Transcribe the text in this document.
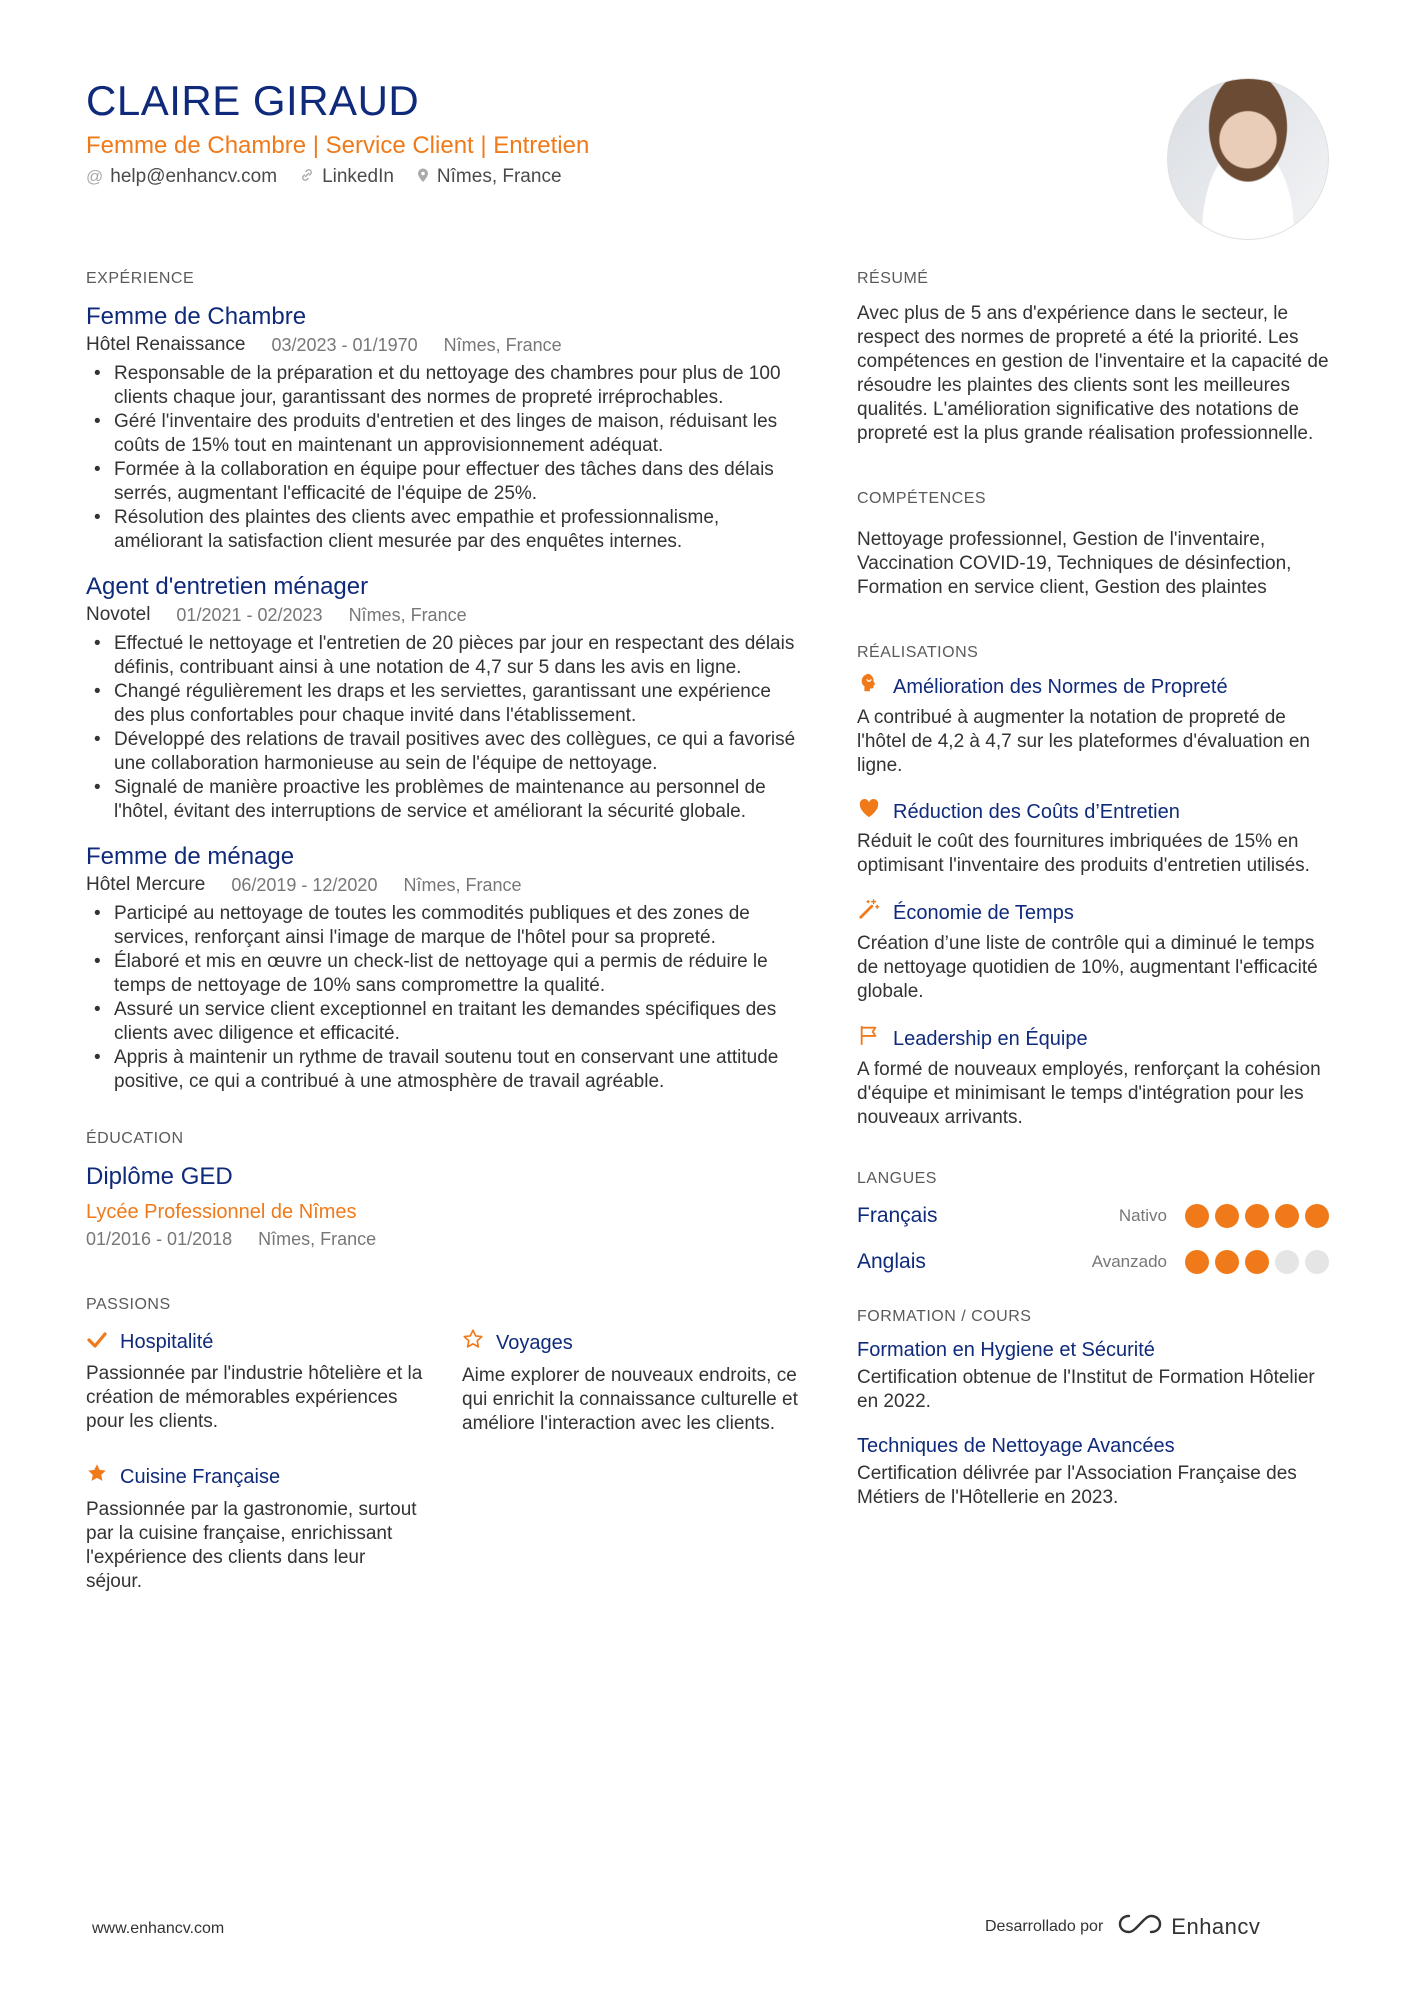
CLAIRE GIRAUD
Femme de Chambre | Service Client | Entretien
@ help@enhancv.com LinkedIn Nîmes, France
EXPÉRIENCE
Femme de Chambre
Hôtel Renaissance 03/2023 - 01/1970 Nîmes, France
• Responsable de la préparation et du nettoyage des chambres pour plus de 100 clients chaque jour, garantissant des normes de propreté irréprochables.
• Géré l'inventaire des produits d'entretien et des linges de maison, réduisant les coûts de 15% tout en maintenant un approvisionnement adéquat.
• Formée à la collaboration en équipe pour effectuer des tâches dans des délais serrés, augmentant l'efficacité de l'équipe de 25%.
• Résolution des plaintes des clients avec empathie et professionnalisme, améliorant la satisfaction client mesurée par des enquêtes internes.
Agent d'entretien ménager
Novotel 01/2021 - 02/2023 Nîmes, France
• Effectué le nettoyage et l'entretien de 20 pièces par jour en respectant des délais définis, contribuant ainsi à une notation de 4,7 sur 5 dans les avis en ligne.
• Changé régulièrement les draps et les serviettes, garantissant une expérience des plus confortables pour chaque invité dans l'établissement.
• Développé des relations de travail positives avec des collègues, ce qui a favorisé une collaboration harmonieuse au sein de l'équipe de nettoyage.
• Signalé de manière proactive les problèmes de maintenance au personnel de l'hôtel, évitant des interruptions de service et améliorant la sécurité globale.
Femme de ménage
Hôtel Mercure 06/2019 - 12/2020 Nîmes, France
• Participé au nettoyage de toutes les commodités publiques et des zones de services, renforçant ainsi l'image de marque de l'hôtel pour sa propreté.
• Élaboré et mis en œuvre un check-list de nettoyage qui a permis de réduire le temps de nettoyage de 10% sans compromettre la qualité.
• Assuré un service client exceptionnel en traitant les demandes spécifiques des clients avec diligence et efficacité.
• Appris à maintenir un rythme de travail soutenu tout en conservant une attitude positive, ce qui a contribué à une atmosphère de travail agréable.
ÉDUCATION
Diplôme GED
Lycée Professionnel de Nîmes
01/2016 - 01/2018 Nîmes, France
PASSIONS
Hospitalité
Passionnée par l'industrie hôtelière et la création de mémorables expériences pour les clients.
Voyages
Aime explorer de nouveaux endroits, ce qui enrichit la connaissance culturelle et améliore l'interaction avec les clients.
Cuisine Française
Passionnée par la gastronomie, surtout par la cuisine française, enrichissant l'expérience des clients dans leur séjour.
RÉSUMÉ
Avec plus de 5 ans d'expérience dans le secteur, le respect des normes de propreté a été la priorité. Les compétences en gestion de l'inventaire et la capacité de résoudre les plaintes des clients sont les meilleures qualités. L'amélioration significative des notations de propreté est la plus grande réalisation professionnelle.
COMPÉTENCES
Nettoyage professionnel, Gestion de l'inventaire, Vaccination COVID-19, Techniques de désinfection, Formation en service client, Gestion des plaintes
RÉALISATIONS
Amélioration des Normes de Propreté
A contribué à augmenter la notation de propreté de l'hôtel de 4,2 à 4,7 sur les plateformes d'évaluation en ligne.
Réduction des Coûts d’Entretien
Réduit le coût des fournitures imbriquées de 15% en optimisant l'inventaire des produits d'entretien utilisés.
Économie de Temps
Création d’une liste de contrôle qui a diminué le temps de nettoyage quotidien de 10%, augmentant l'efficacité globale.
Leadership en Équipe
A formé de nouveaux employés, renforçant la cohésion d'équipe et minimisant le temps d'intégration pour les nouveaux arrivants.
LANGUES
Français	Nativo
Anglais	Avanzado
FORMATION / COURS
Formation en Hygiene et Sécurité
Certification obtenue de l'Institut de Formation Hôtelier en 2022.
Techniques de Nettoyage Avancées
Certification délivrée par l'Association Française des Métiers de l'Hôtellerie en 2023.
www.enhancv.com	Desarrollado por	Enhancv
